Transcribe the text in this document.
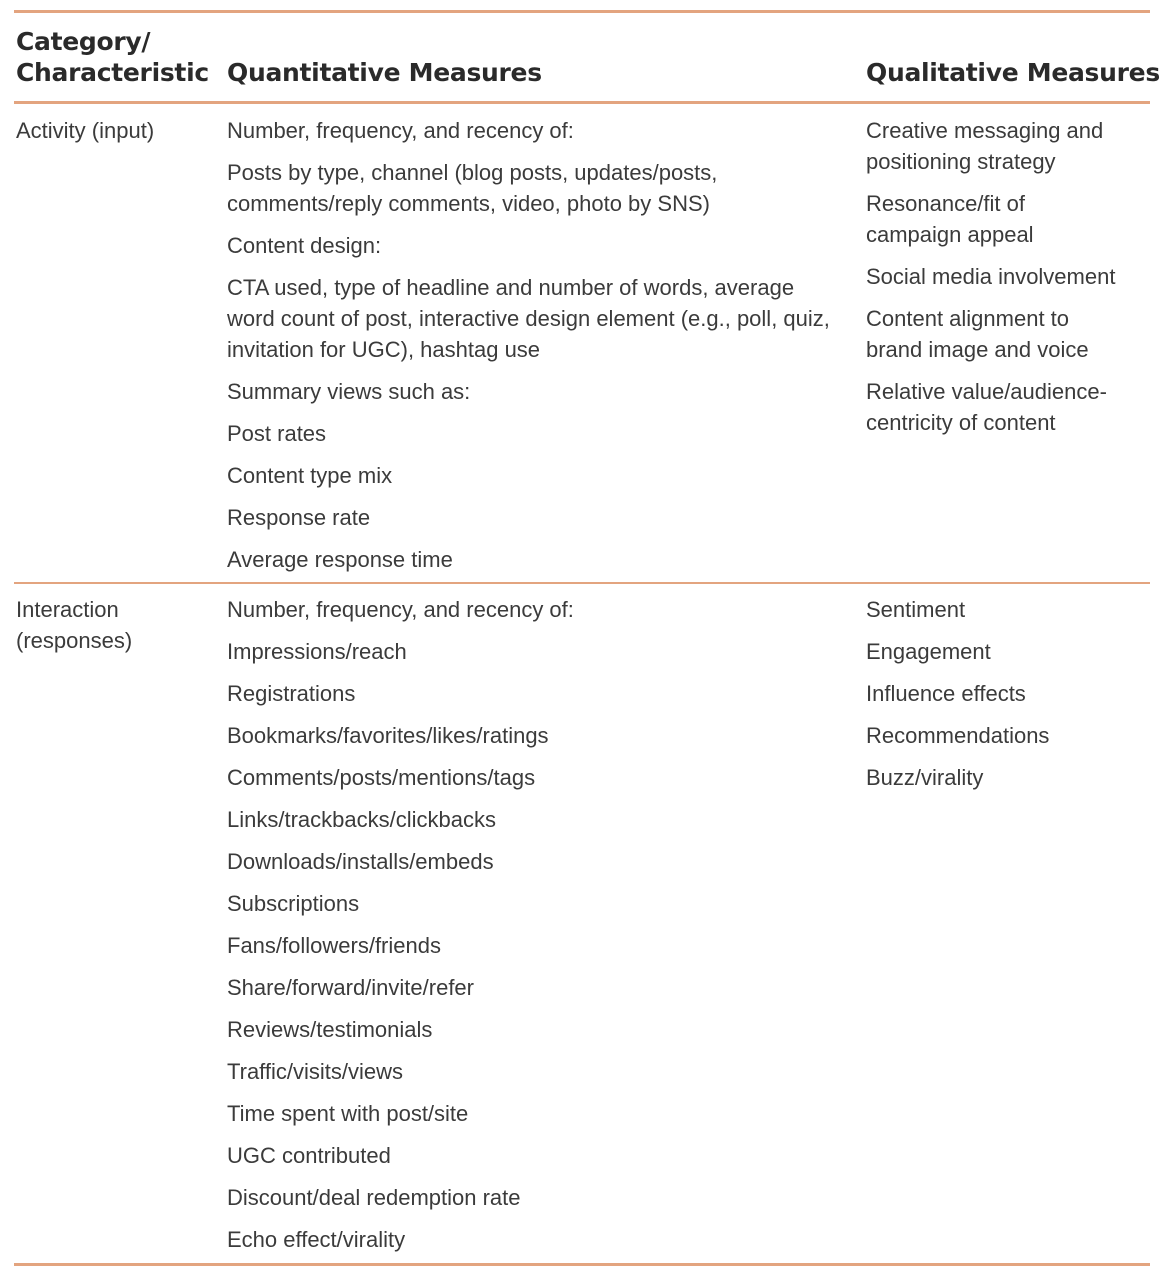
Category/
Characteristic Quantitative Measures	Qualitative Measures
Activity (input)	Number, frequency, and recency of:
Posts by type, channel (blog posts, updates/posts, comments/reply comments, video, photo by SNS)
Content design:
CTA used, type of headline and number of words, average word count of post, interactive design element (e.g., poll, quiz, invitation for UGC), hashtag use
Summary views such as:
Post rates
Content type mix
Response rate
Average response time
Creative messaging and positioning strategy
Resonance/fit of campaign appeal
Social media involvement
Content alignment to brand image and voice
Relative value/audience-centricity of content
Interaction
(responses)
Number, frequency, and recency of:
Impressions/reach
Registrations
Bookmarks/favorites/likes/ratings
Comments/posts/mentions/tags
Links/trackbacks/clickbacks
Downloads/installs/embeds
Subscriptions
Fans/followers/friends
Share/forward/invite/refer
Reviews/testimonials
Traffic/visits/views
Time spent with post/site
UGC contributed
Discount/deal redemption rate
Echo effect/virality
Sentiment
Engagement
Influence effects
Recommendations
Buzz/virality
